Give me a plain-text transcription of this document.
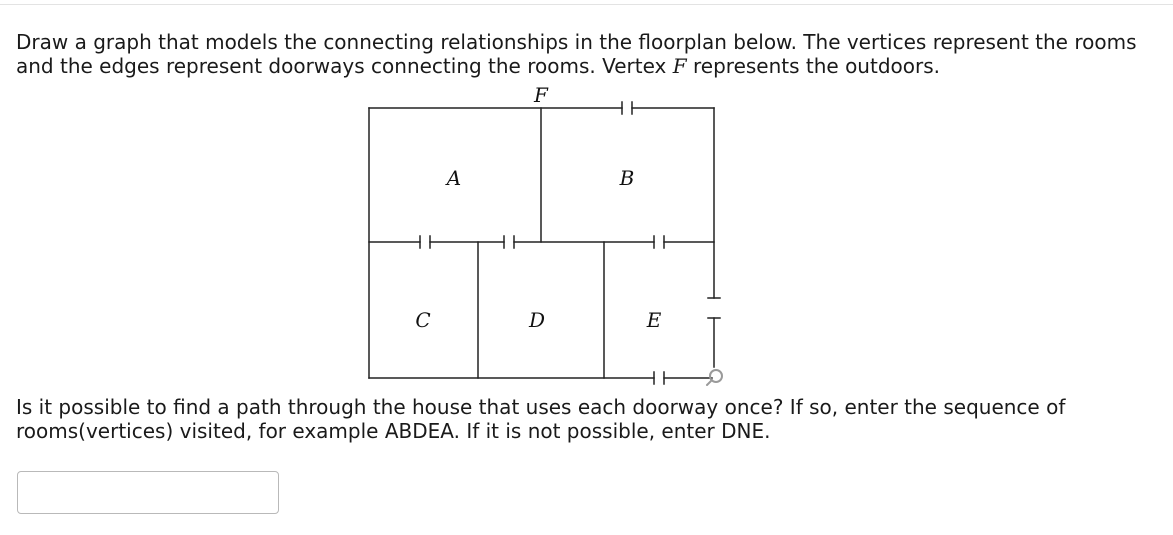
Draw a graph that models the connecting relationships in the floorplan below. The vertices represent the rooms and the edges represent doorways connecting the rooms. Vertex F represents the outdoors.

F
A	B
C	D	E

Is it possible to find a path through the house that uses each doorway once? If so, enter the sequence of rooms(vertices) visited, for example ABDEA. If it is not possible, enter DNE.
